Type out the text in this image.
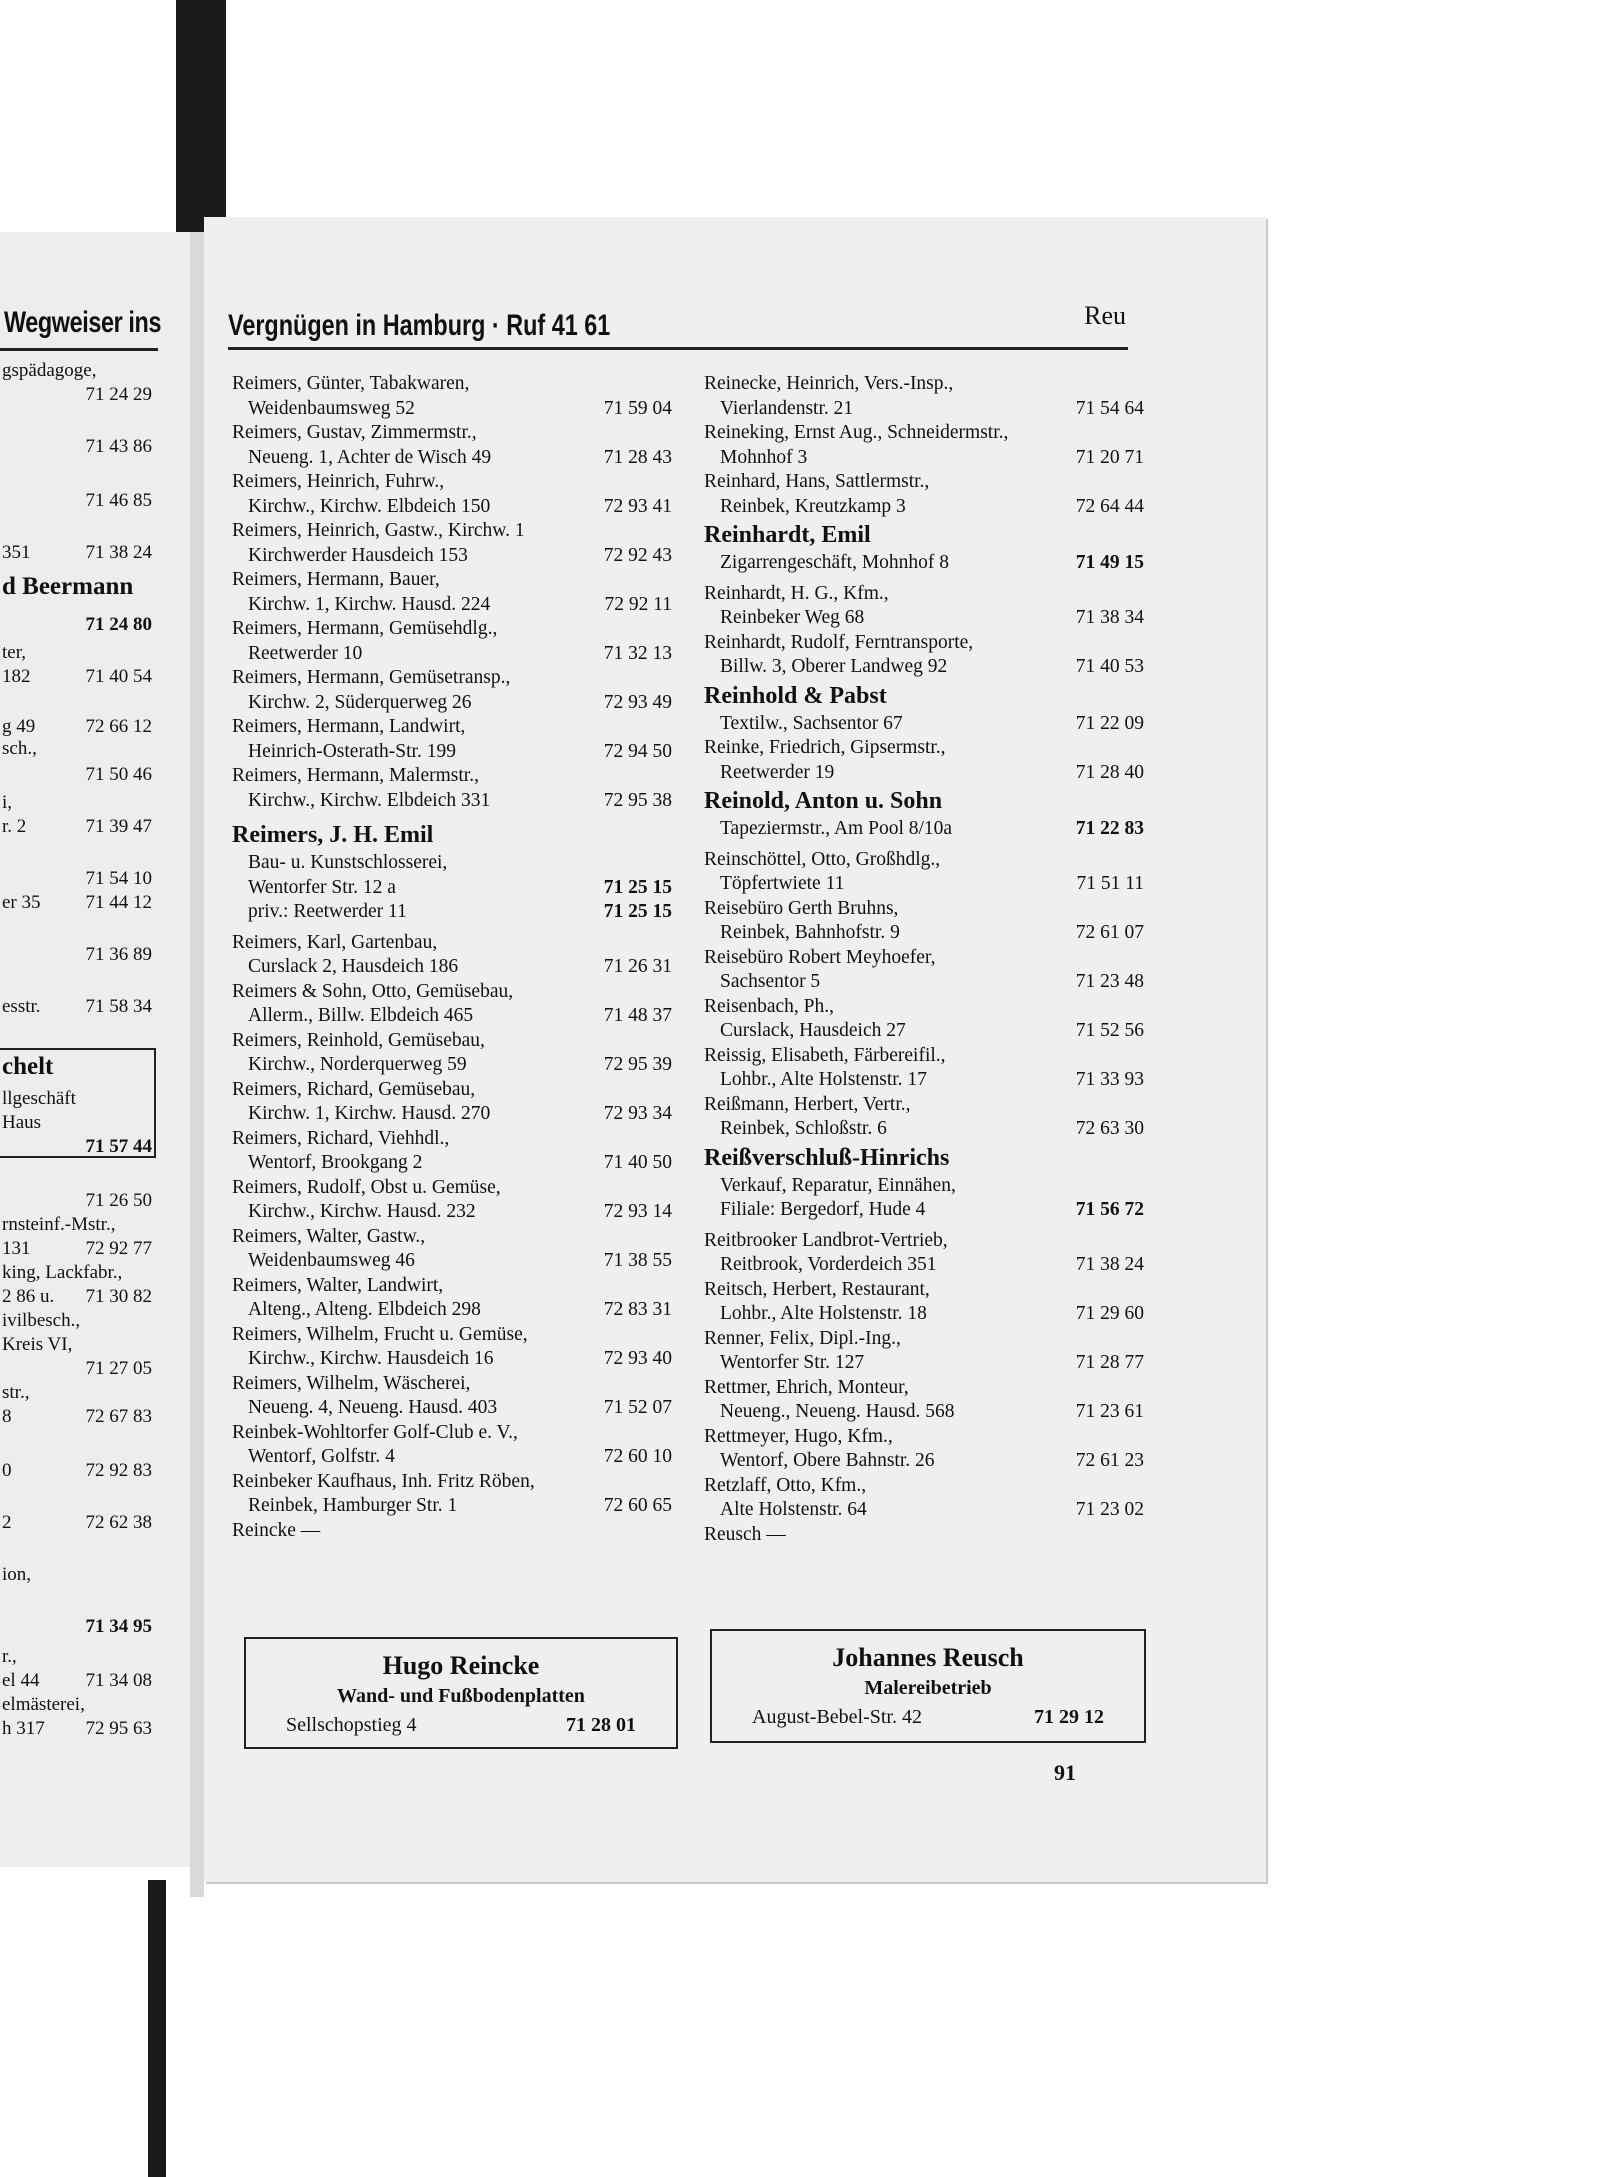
Wegweiser ins
gspädagoge,
71 24 29
71 43 86
71 46 85
351	71 38 24
d Beermann
71 24 80
ter,
182	71 40 54
g 49	72 66 12
sch.,
71 50 46
i,
r. 2	71 39 47
71 54 10
er 35 71 44 12
71 36 89
esstr. 71 58 34
chelt
llgeschäft
Haus
71 57 44
71 26 50
rnsteinf.-Mstr.,
131	72 92 77
king, Lackfabr.,
2 86 u. 71 30 82
ivilbesch.,
Kreis VI,
71 27 05
str.,
8	72 67 83
0	72 92 83
2	72 62 38
ion,
71 34 95
r.,
el 44 71 34 08
elmästerei,
h 317 72 95 63
Vergnügen in Hamburg · Ruf 41 61	Reu
Reimers, Günter, Tabakwaren,
Weidenbaumsweg 52	71 59 04
Reimers, Gustav, Zimmermstr.,
Neueng. 1, Achter de Wisch 49	71 28 43
Reimers, Heinrich, Fuhrw.,
Kirchw., Kirchw. Elbdeich 150	72 93 41
Reimers, Heinrich, Gastw., Kirchw. 1
Kirchwerder Hausdeich 153	72 92 43
Reimers, Hermann, Bauer,
Kirchw. 1, Kirchw. Hausd. 224	72 92 11
Reimers, Hermann, Gemüsehdlg.,
Reetwerder 10	71 32 13
Reimers, Hermann, Gemüsetransp.,
Kirchw. 2, Süderquerweg 26	72 93 49
Reimers, Hermann, Landwirt,
Heinrich-Osterath-Str. 199	72 94 50
Reimers, Hermann, Malermstr.,
Kirchw., Kirchw. Elbdeich 331	72 95 38
Reimers, J. H. Emil
Bau- u. Kunstschlosserei,
Wentorfer Str. 12 a	71 25 15
priv.: Reetwerder 11	71 25 15
Reimers, Karl, Gartenbau,
Curslack 2, Hausdeich 186	71 26 31
Reimers & Sohn, Otto, Gemüsebau,
Allerm., Billw. Elbdeich 465	71 48 37
Reimers, Reinhold, Gemüsebau,
Kirchw., Norderquerweg 59	72 95 39
Reimers, Richard, Gemüsebau,
Kirchw. 1, Kirchw. Hausd. 270	72 93 34
Reimers, Richard, Viehhdl.,
Wentorf, Brookgang 2	71 40 50
Reimers, Rudolf, Obst u. Gemüse,
Kirchw., Kirchw. Hausd. 232	72 93 14
Reimers, Walter, Gastw.,
Weidenbaumsweg 46	71 38 55
Reimers, Walter, Landwirt,
Alteng., Alteng. Elbdeich 298	72 83 31
Reimers, Wilhelm, Frucht u. Gemüse,
Kirchw., Kirchw. Hausdeich 16	72 93 40
Reimers, Wilhelm, Wäscherei,
Neueng. 4, Neueng. Hausd. 403	71 52 07
Reinbek-Wohltorfer Golf-Club e. V.,
Wentorf, Golfstr. 4	72 60 10
Reinbeker Kaufhaus, Inh. Fritz Röben,
Reinbek, Hamburger Str. 1	72 60 65
Reincke —
Reinecke, Heinrich, Vers.-Insp.,
Vierlandenstr. 21	71 54 64
Reineking, Ernst Aug., Schneidermstr.,
Mohnhof 3	71 20 71
Reinhard, Hans, Sattlermstr.,
Reinbek, Kreutzkamp 3	72 64 44
Reinhardt, Emil
Zigarrengeschäft, Mohnhof 8	71 49 15
Reinhardt, H. G., Kfm.,
Reinbeker Weg 68	71 38 34
Reinhardt, Rudolf, Ferntransporte,
Billw. 3, Oberer Landweg 92	71 40 53
Reinhold & Pabst
Textilw., Sachsentor 67	71 22 09
Reinke, Friedrich, Gipsermstr.,
Reetwerder 19	71 28 40
Reinold, Anton u. Sohn
Tapeziermstr., Am Pool 8/10a	71 22 83
Reinschöttel, Otto, Großhdlg.,
Töpfertwiete 11	71 51 11
Reisebüro Gerth Bruhns,
Reinbek, Bahnhofstr. 9	72 61 07
Reisebüro Robert Meyhoefer,
Sachsentor 5	71 23 48
Reisenbach, Ph.,
Curslack, Hausdeich 27	71 52 56
Reissig, Elisabeth, Färbereifil.,
Lohbr., Alte Holstenstr. 17	71 33 93
Reißmann, Herbert, Vertr.,
Reinbek, Schloßstr. 6	72 63 30
Reißverschluß-Hinrichs
Verkauf, Reparatur, Einnähen,
Filiale: Bergedorf, Hude 4	71 56 72
Reitbrooker Landbrot-Vertrieb,
Reitbrook, Vorderdeich 351	71 38 24
Reitsch, Herbert, Restaurant,
Lohbr., Alte Holstenstr. 18	71 29 60
Renner, Felix, Dipl.-Ing.,
Wentorfer Str. 127	71 28 77
Rettmer, Ehrich, Monteur,
Neueng., Neueng. Hausd. 568	71 23 61
Rettmeyer, Hugo, Kfm.,
Wentorf, Obere Bahnstr. 26	72 61 23
Retzlaff, Otto, Kfm.,
Alte Holstenstr. 64	71 23 02
Reusch —
Hugo Reincke
Wand- und Fußbodenplatten
Sellschopstieg 4	71 28 01
Johannes Reusch
Malereibetrieb
August-Bebel-Str. 42	71 29 12
91
